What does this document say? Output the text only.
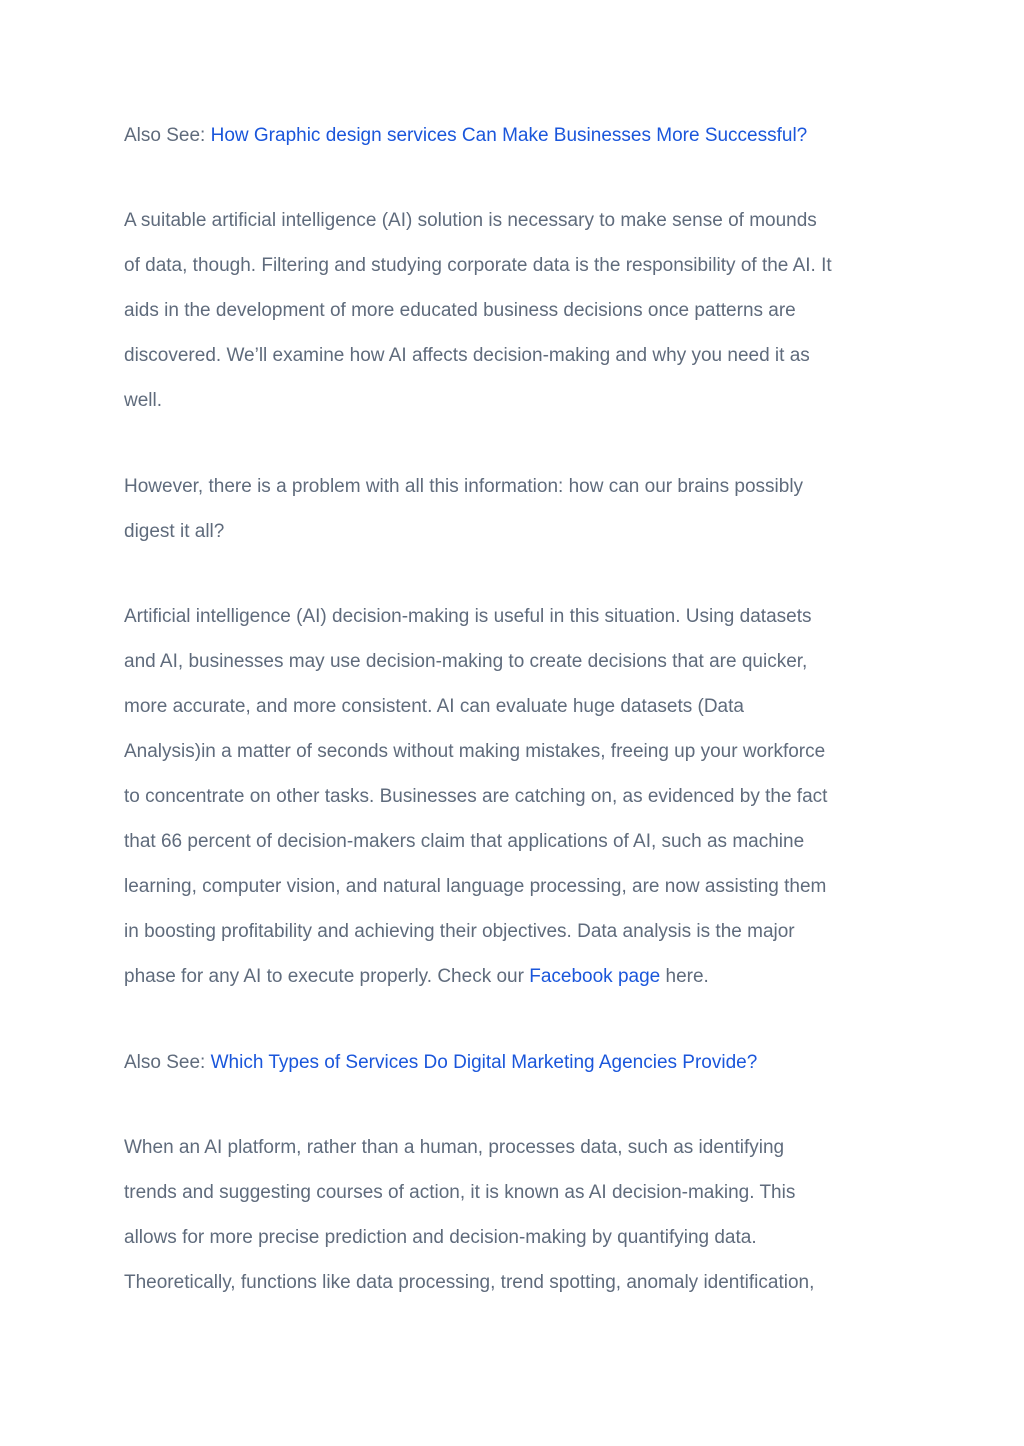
Also See: How Graphic design services Can Make Businesses More Successful?

A suitable artificial intelligence (AI) solution is necessary to make sense of mounds
of data, though. Filtering and studying corporate data is the responsibility of the AI. It
aids in the development of more educated business decisions once patterns are
discovered. We’ll examine how AI affects decision-making and why you need it as
well.

However, there is a problem with all this information: how can our brains possibly
digest it all?

Artificial intelligence (AI) decision-making is useful in this situation. Using datasets
and AI, businesses may use decision-making to create decisions that are quicker,
more accurate, and more consistent. AI can evaluate huge datasets (Data
Analysis)in a matter of seconds without making mistakes, freeing up your workforce
to concentrate on other tasks. Businesses are catching on, as evidenced by the fact
that 66 percent of decision-makers claim that applications of AI, such as machine
learning, computer vision, and natural language processing, are now assisting them
in boosting profitability and achieving their objectives. Data analysis is the major
phase for any AI to execute properly. Check our Facebook page here.

Also See: Which Types of Services Do Digital Marketing Agencies Provide?

When an AI platform, rather than a human, processes data, such as identifying
trends and suggesting courses of action, it is known as AI decision-making. This
allows for more precise prediction and decision-making by quantifying data.
Theoretically, functions like data processing, trend spotting, anomaly identification,
